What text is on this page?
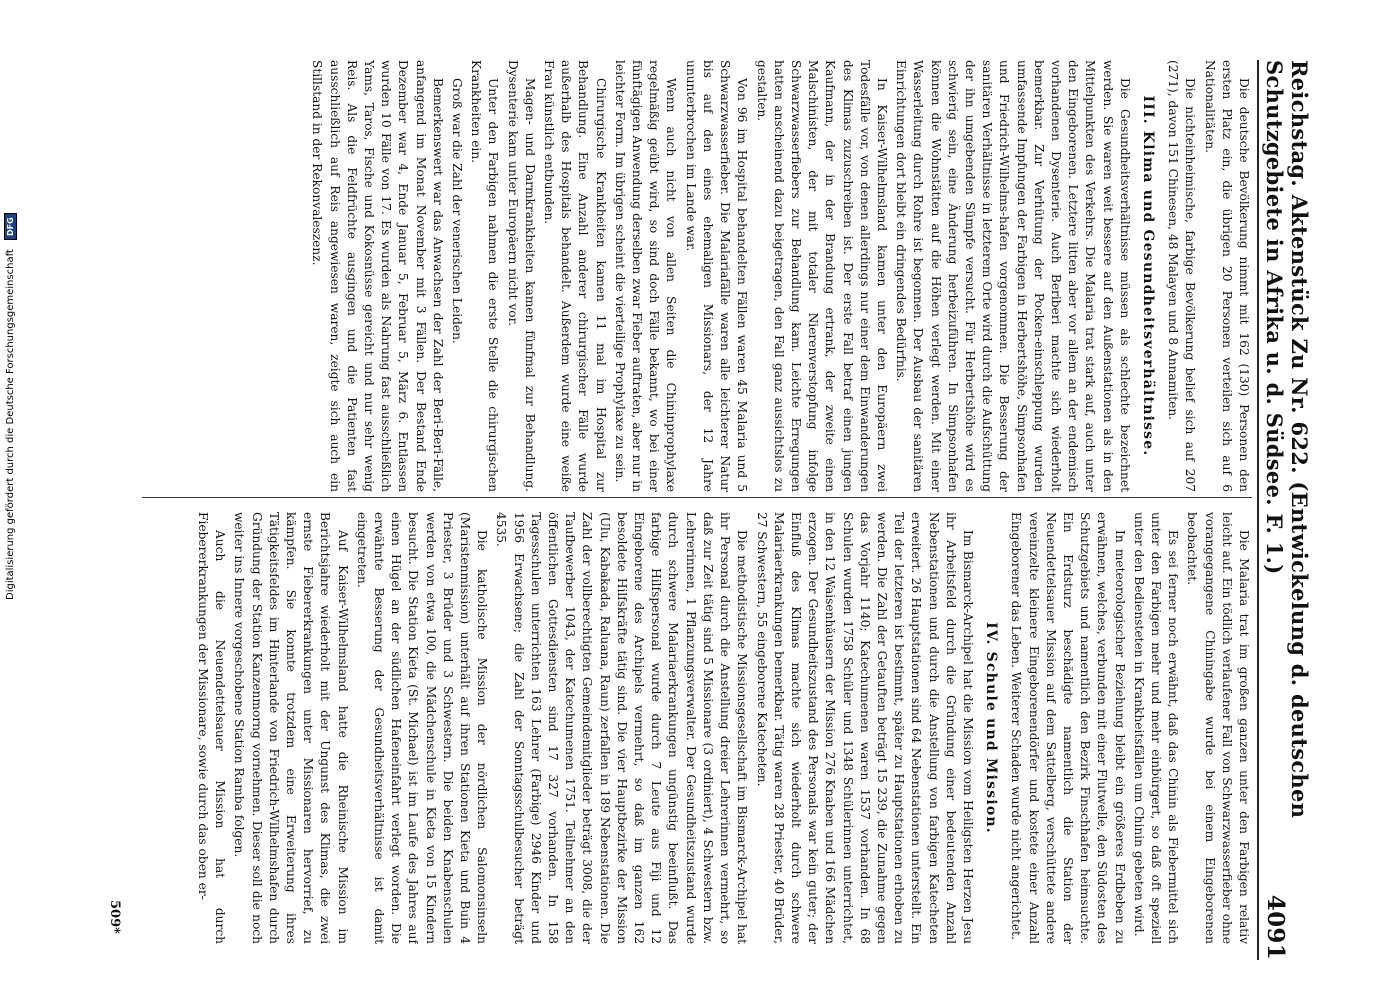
Reichstag. Aktenstück Zu Nr. 622. (Entwickelung d. deutschen Schutzgebiete in Afrika u. d. Südsee. F. 1.)
4091

Die deutsche Bevölkerung nimmt mit 162 (130) Personen den ersten Platz ein, die übrigen 20 Personen verteilen sich auf 6 Nationalitäten.

Die nichteinheimische, farbige Bevölkerung belief sich auf 207 (271), davon 151 Chinesen, 48 Malayen und 8 Annamiten.

III. Klima und Gesundheitsverhältnisse.

Die Gesundheitsverhältnisse müssen als schlechte bezeichnet werden. Sie waren weit bessere auf den Außenstationen als in den Mittelpunkten des Verkehrs. Die Malaria trat stark auf, auch unter den Eingeborenen. Letztere litten aber vor allem an der endemisch vorhandenen Dysenterie. Auch Beriberi machte sich wiederholt bemerkbar. Zur Verhütung der Pocken-einschleppung wurden umfassende Impfungen der Farbigen in Herbertshöhe, Simpsonhafen und Friedrich-Wilhelms-hafen vorgenommen. Die Besserung der sanitären Verhältnisse in letzterem Orte wird durch die Aufschüttung der ihn umgebenden Sümpfe versucht. Für Herbertshöhe wird es schwierig sein, eine Änderung herbeizuführen. In Simpsonhafen können die Wohnstätten auf die Höhen verlegt werden. Mit einer Wasserleitung durch Rohre ist begonnen. Der Ausbau der sanitären Einrichtungen dort bleibt ein dringendes Bedürfnis.

In Kaiser-Wilhelmsland kamen unter den Europäern zwei Todesfälle vor, von denen allerdings nur einer dem Einwanderungen des Klimas zuzuschreiben ist. Der erste Fall betraf einen jungen Kaufmann, der in der Brandung ertrank, der zweite einen Malschinisten, der mit totaler Nierenverstopfung infolge Schwarzwasserfiebers zur Behandlung kam. Leichte Erregungen hatten anscheinend dazu beigetragen, den Fall ganz aussichtslos zu gestalten.

Von 96 im Hospital behandelten Fällen waren 45 Malaria und 5 Schwarzwasserfieber. Die Malariafälle waren alle leichterer Natur bis auf den eines ehemaligen Missionars, der 12 Jahre ununterbrochen im Lande war.

Wenn auch nicht von allen Seiten die Chininprophylaxe regelmäßig geübt wird, so sind doch Fälle bekannt, wo bei einer fünftägigen Anwendung derselben zwar Fieber auftraten, aber nur in leichter Form. Im übrigen scheint die vierteilige Prophylaxe zu sein.

Chirurgische Krankheiten kamen 11 mal im Hospital zur Behandlung. Eine Anzahl anderer chirurgischer Fälle wurde außerhalb des Hospitals behandelt. Außerdem wurde eine weiße Frau künstlich entbunden.

Magen- und Darmkrankheiten kamen fünfmal zur Behandlung. Dysenterie kam unter Europäern nicht vor.

Unter den Farbigen nahmen die erste Stelle die chirurgischen Krankheiten ein.

Groß war die Zahl der venerischen Leiden.

Bemerkenswert war das Anwachsen der Zahl der Beri-Beri-Fälle, anfangend im Monat November mit 3 Fällen. Der Bestand Ende Dezember war 4, Ende Januar 5, Februar 5, März 6. Entlassen wurden 10 Fälle von 17. Es wurden als Nahrung fast ausschließlich Yams, Taros, Fische und Kokosnüsse gereicht und nur sehr wenig Reis. Als die Feldfrüchte ausgingen und die Patienten fast ausschließlich auf Reis angewiesen waren, zeigte sich auch ein Stillstand in der Rekonvaleszenz.

Die Malaria trat im großen ganzen unter den Farbigen relativ leicht auf. Ein tödlich verlaufener Fall von Schwarzwasserfieber ohne vorangegangene Chiningabe wurde bei einem Eingeborenen beobachtet.

Es sei ferner noch erwähnt, daß das Chinin als Fiebermittel sich unter den Farbigen mehr und mehr einbürgert, so daß oft speziell unter den Bediensteten in Krankheitsfällen um Chinin gebeten wird.

In meteorologischer Beziehung bleibt ein größeres Erdbeben zu erwähnen, welches, verbunden mit einer Flutwelle, den Südosten des Schutzgebiets und namentlich den Bezirk Finschhafen heimsuchte. Ein Erdsturz beschädigte namentlich die Station der Neuendettelsauer Mission auf dem Sattelberg, verschüttete andere vereinzelte kleinere Eingeborenendörfer und kostete einer Anzahl Eingeborener das Leben. Weiterer Schaden wurde nicht angerichtet.

IV. Schule und Mission.

Im Bismarck-Archipel hat die Mission vom Heiligsten Herzen Jesu ihr Arbeitsfeld durch die Gründung einer bedeutenden Anzahl Nebenstationen und durch die Anstellung von farbigen Katecheten erweitert. 26 Hauptstationen sind 64 Nebenstationen unterstellt. Ein Teil der letzteren ist bestimmt, später zu Hauptstationen erhoben zu werden. Die Zahl der Getauften beträgt 15 239, die Zunahme gegen das Vorjahr 1140; Katechumenen waren 1537 vorhanden. In 68 Schulen wurden 1758 Schüler und 1348 Schülerinnen unterrichtet, in den 12 Waisenhäusern der Mission 276 Knaben und 166 Mädchen erzogen. Der Gesundheitszustand des Personals war kein guter; der Einfluß des Klimas machte sich wiederholt durch schwere Malariaerkrankungen bemerkbar. Tätig waren 28 Priester, 40 Brüder, 27 Schwestern, 55 eingeborene Katecheten.

Die methodistische Missionsgesellschaft im Bismarck-Archipel hat ihr Personal durch die Anstellung dreier Lehrerinnen vermehrt, so daß zur Zeit tätig sind 5 Missionare (3 ordiniert), 4 Schwestern bzw. Lehrerinnen, 1 Pflanzungsverwalter. Der Gesundheitszustand wurde durch schwere Malariaerkrankungen ungünstig beeinflußt. Das farbige Hilfspersonal wurde durch 7 Leute aus Fiji und 12 Eingeborene des Archipels vermehrt, so daß im ganzen 162 besoldete Hilfskräfte tätig sind. Die vier Hauptbezirke der Mission (Ulu, Kabakada, Raluana, Raun) zerfallen in 189 Nebenstationen. Die Zahl der vollberechtigten Gemeindemitglieder beträgt 3008, die der Taufbewerber 1043, der Katechumenen 1751. Teilnehmer an den öffentlichen Gottesdiensten sind 17 327 vorhanden. In 158 Tagesschulen unterrichten 163 Lehrer (Farbige) 2946 Kinder und 1956 Erwachsene; die Zahl der Sonntagsschulbesucher beträgt 4535.

Die katholische Mission der nördlichen Salomonsinseln (Maristenmission) unterhält auf ihren Stationen Kieta und Buin 4 Priester, 3 Brüder und 3 Schwestern. Die beiden Knabenschulen werden von etwa 100, die Mädchenschule in Kieta von 15 Kindern besucht. Die Station Kieta (St. Michael) ist im Laufe des Jahres auf einen Hügel an der südlichen Hafeneinfahrt verlegt worden. Die erwähnte Besserung der Gesundheitsverhältnisse ist damit eingetreten.

Auf Kaiser-Wilhelmsland hatte die Rheinische Mission im Berichtsjahre wiederholt mit der Ungunst des Klimas, die zwei ernste Fiebererkrankungen unter Missionaren hervorrief, zu kämpfen. Sie konnte trotzdem eine Erweiterung ihres Tätigkeitsfeldes im Hinterlande von Friedrich-Wilhelmshafen durch Gründung der Station Kanzenmorng vornehmen. Dieser soll die noch weiter ins Innere vorgeschobene Station Ramba folgen.

Auch die Neuendettelsauer Mission hat durch Fiebererkrankungen der Missionare, sowie durch das oben er-

509*
Digitalisierung gefördert durch die Deutsche Forschungsgemeinschaft DFG
